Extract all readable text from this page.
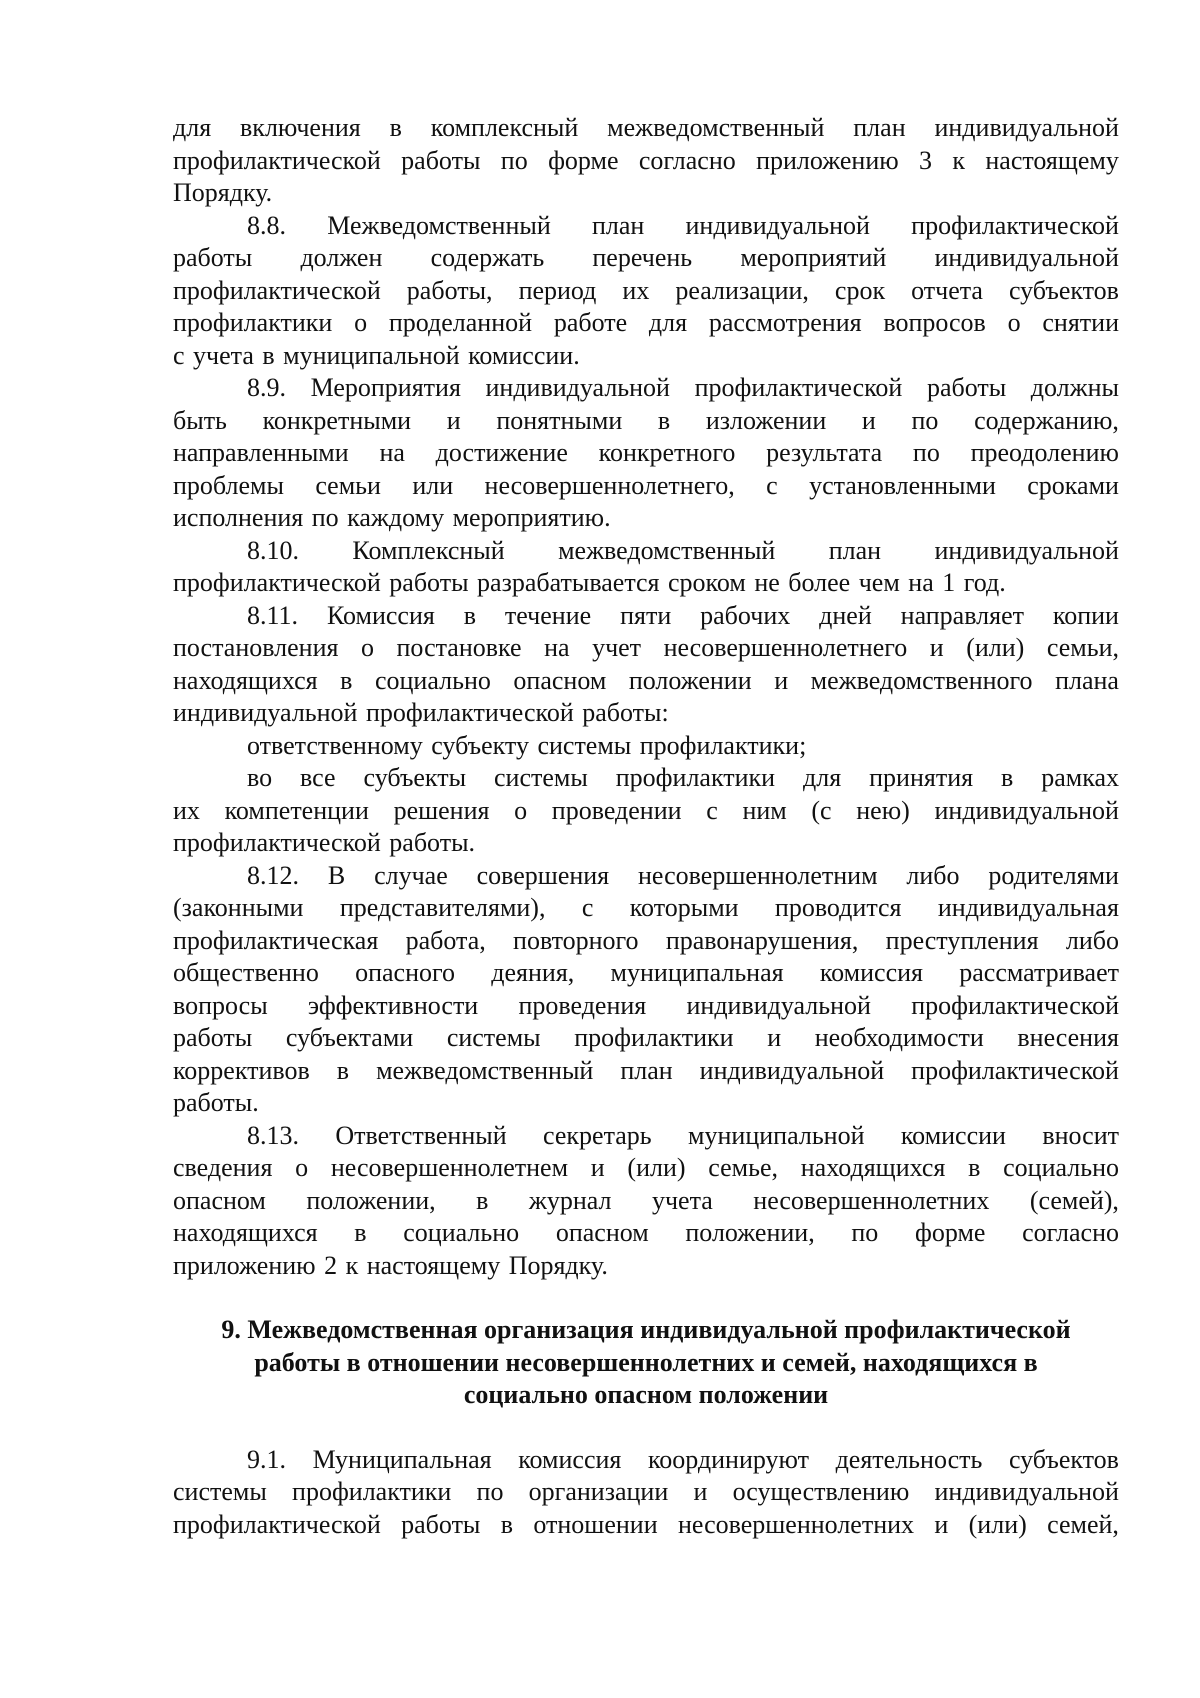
для включения в комплексный межведомственный план индивидуальной
профилактической работы по форме согласно приложению 3 к настоящему
Порядку.
8.8. Межведомственный план индивидуальной профилактической
работы должен содержать перечень мероприятий индивидуальной
профилактической работы, период их реализации, срок отчета субъектов
профилактики о проделанной работе для рассмотрения вопросов о снятии
с учета в муниципальной комиссии.
8.9. Мероприятия индивидуальной профилактической работы должны
быть конкретными и понятными в изложении и по содержанию,
направленными на достижение конкретного результата по преодолению
проблемы семьи или несовершеннолетнего, с установленными сроками
исполнения по каждому мероприятию.
8.10. Комплексный межведомственный план индивидуальной
профилактической работы разрабатывается сроком не более чем на 1 год.
8.11. Комиссия в течение пяти рабочих дней направляет копии
постановления о постановке на учет несовершеннолетнего и (или) семьи,
находящихся в социально опасном положении и межведомственного плана
индивидуальной профилактической работы:
ответственному субъекту системы профилактики;
во все субъекты системы профилактики для принятия в рамках
их компетенции решения о проведении с ним (с нею) индивидуальной
профилактической работы.
8.12. В случае совершения несовершеннолетним либо родителями
(законными представителями), с которыми проводится индивидуальная
профилактическая работа, повторного правонарушения, преступления либо
общественно опасного деяния, муниципальная комиссия рассматривает
вопросы эффективности проведения индивидуальной профилактической
работы субъектами системы профилактики и необходимости внесения
коррективов в межведомственный план индивидуальной профилактической
работы.
8.13. Ответственный секретарь муниципальной комиссии вносит
сведения о несовершеннолетнем и (или) семье, находящихся в социально
опасном положении, в журнал учета несовершеннолетних (семей),
находящихся в социально опасном положении, по форме согласно
приложению 2 к настоящему Порядку.
9. Межведомственная организация индивидуальной профилактической
работы в отношении несовершеннолетних и семей, находящихся в
социально опасном положении
9.1. Муниципальная комиссия координируют деятельность субъектов
системы профилактики по организации и осуществлению индивидуальной
профилактической работы в отношении несовершеннолетних и (или) семей,
